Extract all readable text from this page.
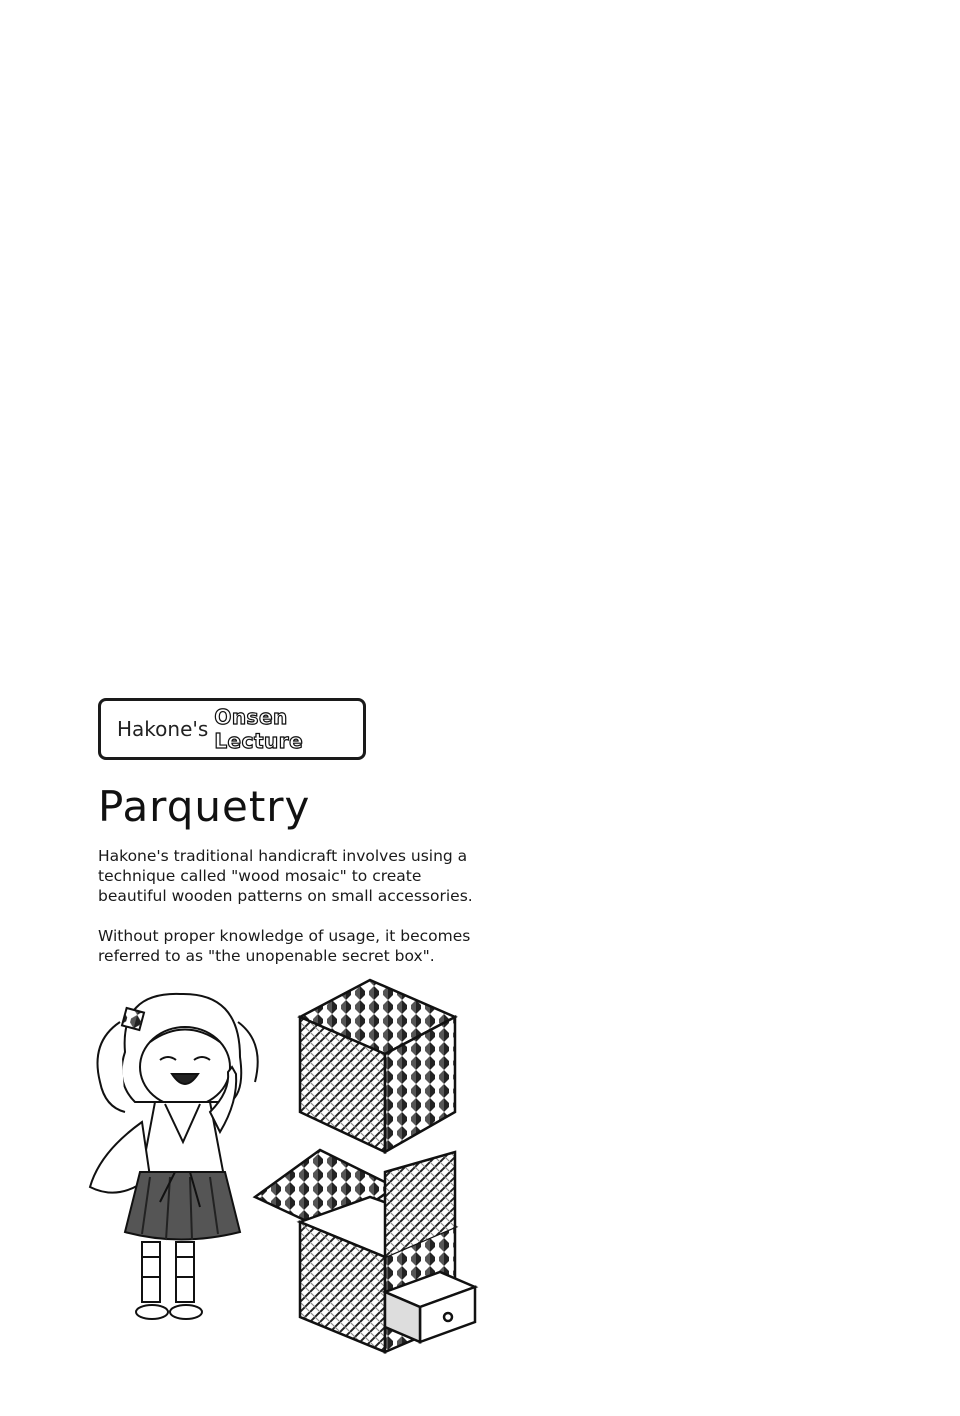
Hakone's Onsen Lecture
Parquetry

Hakone's traditional handicraft involves using a technique called "wood mosaic" to create beautiful wooden patterns on small accessories.

Without proper knowledge of usage, it becomes referred to as "the unopenable secret box".
